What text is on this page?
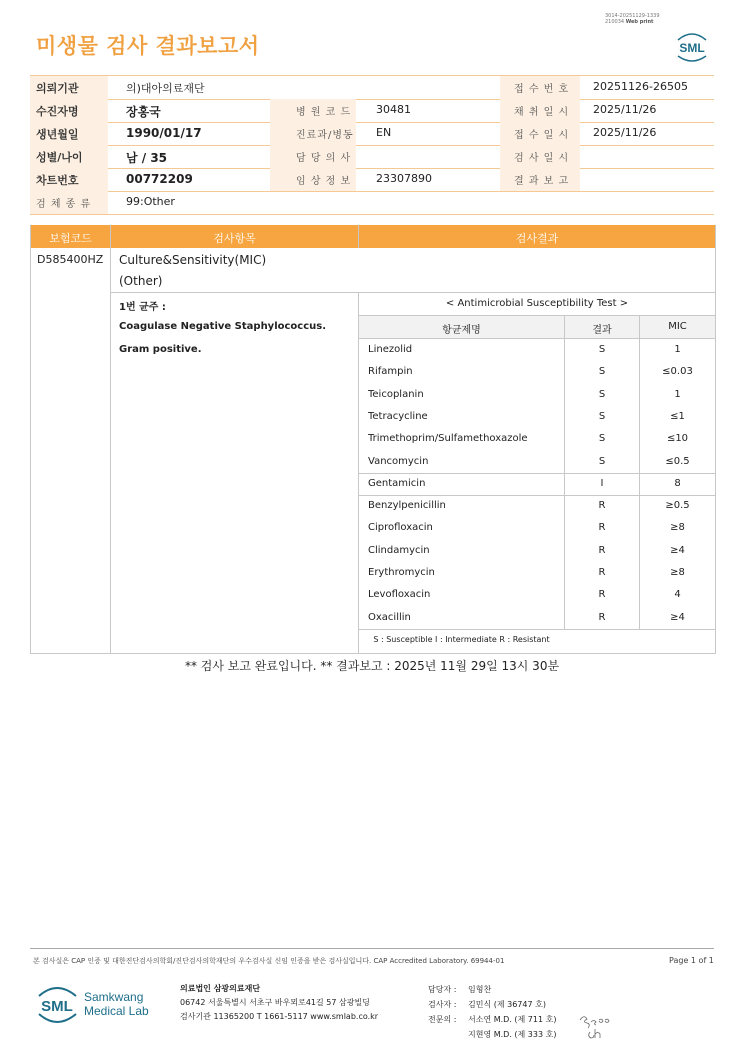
미생물 검사 결과보고서
3014-20251129-1339
210034 Web print
SML
의뢰기관	의)대아의료재단	접 수 번 호 20251126-26505
수진자명	장홍국	병 원 코 드 30481	채 취 일 시 2025/11/26
생년월일	1990/01/17	진료과/병동 EN	접 수 일 시 2025/11/26
성별/나이	남 / 35	담 당 의 사	검 사 일 시
차트번호	00772209	임 상 정 보 23307890	결 과 보 고
검 체 종 류	99:Other
보험코드	검사항목	검사결과
D585400HZ Culture&Sensitivity(MIC)
(Other)
1번 균주 :
Coagulase Negative Staphylococcus.
Gram positive.
< Antimicrobial Susceptibility Test >
항균제명	결과	MIC
S : Susceptible I : Intermediate R : Resistant
Linezolid	S	1
Rifampin	S	≤0.03
Teicoplanin	S	1
Tetracycline	S	≤1
Trimethoprim/Sulfamethoxazole	S	≤10
Vancomycin	S	≤0.5
Gentamicin	I	8
Benzylpenicillin	R	≥0.5
Ciprofloxacin	R	≥8
Clindamycin	R	≥4
Erythromycin	R	≥8
Levofloxacin	R	4
Oxacillin	R	≥4
** 검사 보고 완료입니다. ** 결과보고 : 2025년 11월 29일 13시 30분
본 검사실은 CAP 인증 및 대한진단검사의학회/진단검사의학재단의 우수검사실 신임 인증을 받은 검사실입니다. CAP Accredited Laboratory. 69944-01	Page 1 of 1
SML
Samkwang
Medical Lab
의료법인 삼광의료재단
06742 서울특별시 서초구 바우뫼로41길 57 삼광빌딩
검사기관 11365200 T 1661-5117 www.smlab.co.kr
담당자 : 임형찬
검사자 : 김민식 (제 36747 호)
전문의 : 서소연 M.D. (제 711 호)
지현영 M.D. (제 333 호)
